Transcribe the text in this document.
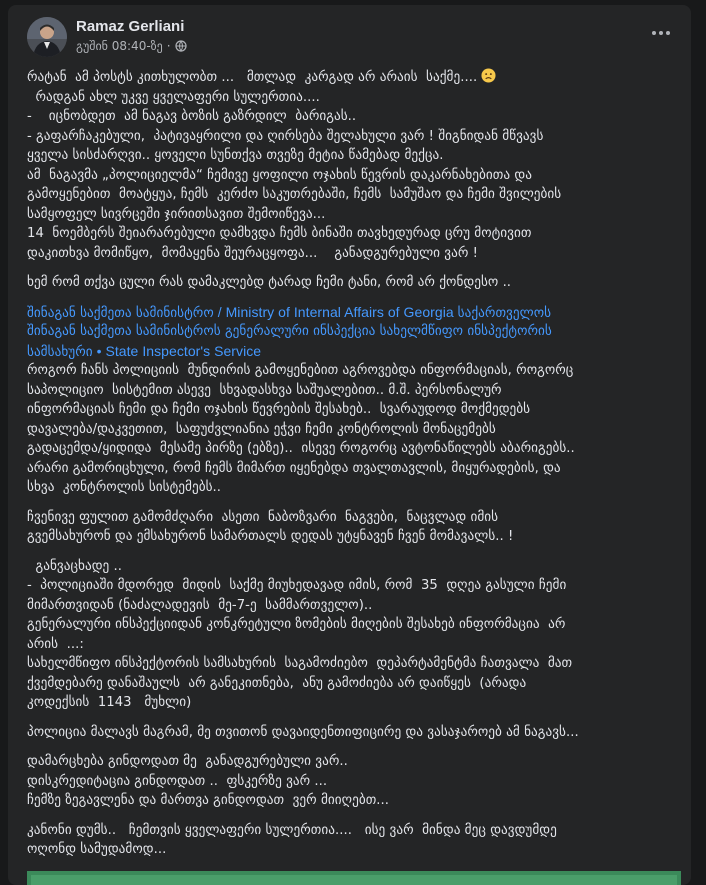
Ramaz Gerliani
გუშინ 08:40-ზე ·
რატან  ამ პოსტს კითხულობთ ...   მთლად  კარგად არ არაის  საქმე....
რადგან ახლ უკვე ყველაფერი სულერთია....
-    იცნობდეთ  ამ ნაგავ ბოზის გაზრდილ  ბარიგას..
- გაფარჩაკებული,  პატივაყრილი და ღირსება შელახული ვარ ! შიგნიდან მწვავს
ყველა სისძარღვი.. ყოველი სუნთქვა თვეზე მეტია წამებად მექცა.
ამ  ნაგავმა „პოლიციელმა“ ჩემივე ყოფილი ოჯახის წევრის დაკარნახებითა და
გამოყენებით  მოატყუა, ჩემს  კერძო საკუთრებაში, ჩემს  სამუშაო და ჩემი შვილების
სამყოფელ სივრცეში ჯირითსავით შემოიწევა...
14  ნოემბერს შეიარარებული დამხვდა ჩემს ბინაში თავხედურად ცრუ მოტივით
დაკითხვა მომიწყო,  მომაყენა შეურაცყოფა...    განადგურებული ვარ !
ხემ რომ თქვა ცული რას დამაკლებდ ტარად ჩემი ტანი, რომ არ ქონდესო ..
შინაგან საქმეთა სამინისტრო / Ministry of Internal Affairs of Georgia საქართველოს
შინაგან საქმეთა სამინისტროს გენერალური ინსპექცია სახელმწიფო ინსპექტორის
სამსახური • State Inspector's Service
როგორ ჩანს პოლიციის  მუნდირის გამოყენებით აგროვებდა ინფორმაციას, როგორც
საპოლიციო  სისტემით ასევე  სხვადასხვა საშუალებით.. მ.შ. პერსონალურ
ინფორმაციას ჩემი და ჩემი ოჯახის წევრების შესახებ..  სვარაუდოდ მოქმედებს
დავალება/დაკვეთით,  საფუძვლიანია ეჭვი ჩემი კონტროლის მონაცემებს
გადაცემდა/ყიდიდა  მესამე პირზე (ებზე)..  ისევე როგორც ავტონაწილებს აბარიგებს..
არარი გამორიცხული, რომ ჩემს მიმართ იყენებდა თვალთავლის, მიყურადების, და
სხვა  კონტროლის სისტემებს..
ჩვენივე ფულით გამომძღარი  ასეთი  ნაბოზვარი  ნაგვები,  ნაცვლად იმის
გვემსახურონ და ემსახურონ სამართალს დედას უტყნავენ ჩვენ მომავალს.. !
განვაცხადე ..
-  პოლიციაში მდორედ  მიდის  საქმე მიუხედავად იმის, რომ  35  დღეა გასული ჩემი
მიმართვიდან (ნაძალადევის  მე-7-ე  სამმართველო)..
გენერალური ინსპექციიდან კონკრეტული ზომების მიღების შესახებ ინფორმაცია  არ
არის  ...:
სახელმწიფო ინსპექტორის სამსახურის  საგამოძიებო  დეპარტამენტმა ჩათვალა  მათ
ქვემდებარე დანაშაულს  არ განეკითნება,  ანუ გამოძიება არ დაიწყეს  (არადა
კოდექსის  1143   მუხლი)
პოლიცია მალავს მაგრამ, მე თვითონ დავაიდენთიფიცირე და ვასაჯაროებ ამ ნაგავს...
დამარცხება გინდოდათ მე  განადგურებული ვარ..
დისკრედიტაცია გინდოდათ ..  ფსკერზე ვარ ...
ჩემზე ზეგავლენა და მართვა გინდოდათ  ვერ მიიღებთ...
კანონი დუმს..   ჩემთვის ყველაფერი სულერთია....   ისე ვარ  მინდა მეც დავდუმდე
ოღონდ სამუდამოდ...
